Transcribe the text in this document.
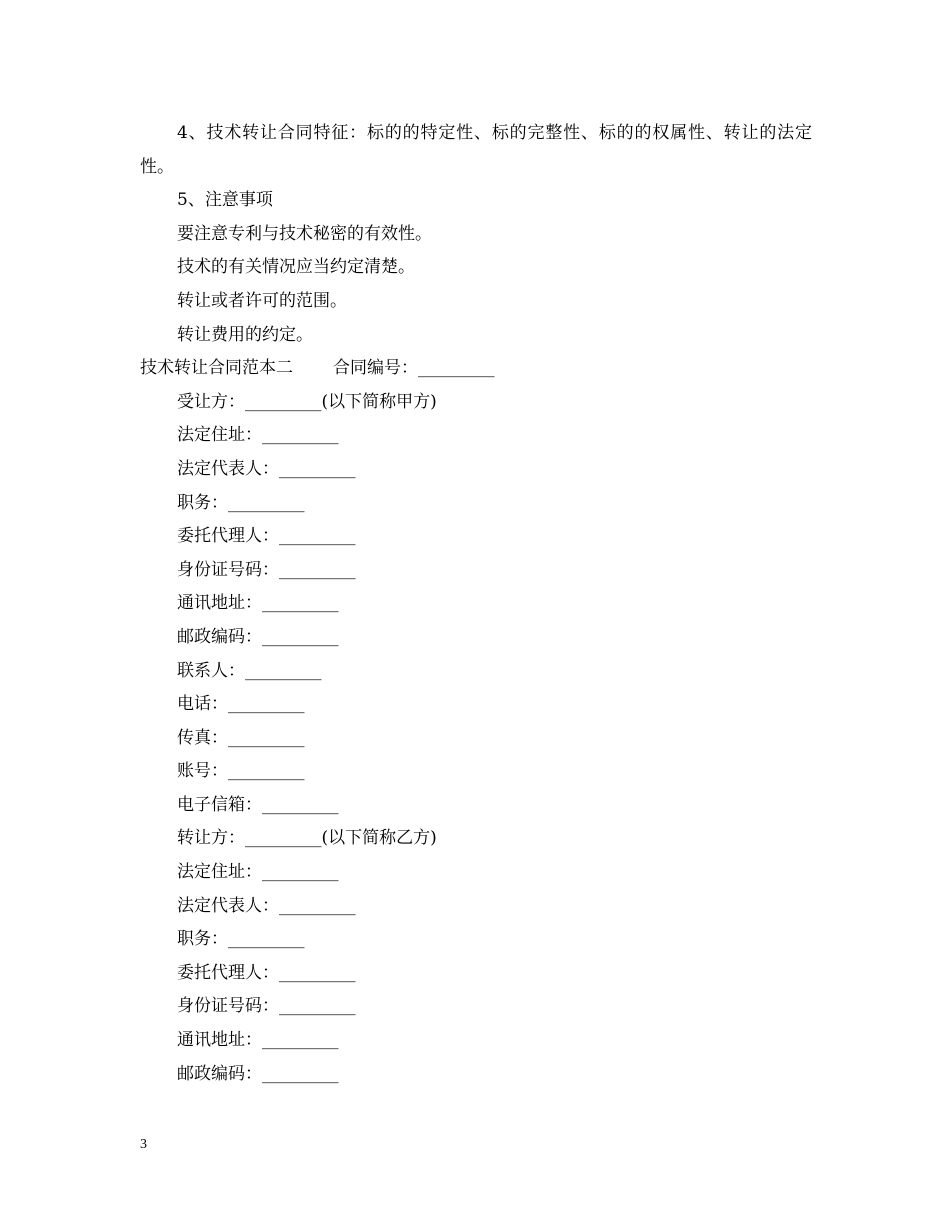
4、技术转让合同特征：标的的特定性、标的完整性、标的的权属性、转让的法定性。

5、注意事项

要注意专利与技术秘密的有效性。

技术的有关情况应当约定清楚。

转让或者许可的范围。

转让费用的约定。

技术转让合同范本二 合同编号：_________

受让方：_________(以下简称甲方)

法定住址：_________

法定代表人：_________

职务：_________

委托代理人：_________

身份证号码：_________

通讯地址：_________

邮政编码：_________

联系人：_________

电话：_________

传真：_________

账号：_________

电子信箱：_________

转让方：_________(以下简称乙方)

法定住址：_________

法定代表人：_________

职务：_________

委托代理人：_________

身份证号码：_________

通讯地址：_________

邮政编码：_________

3
